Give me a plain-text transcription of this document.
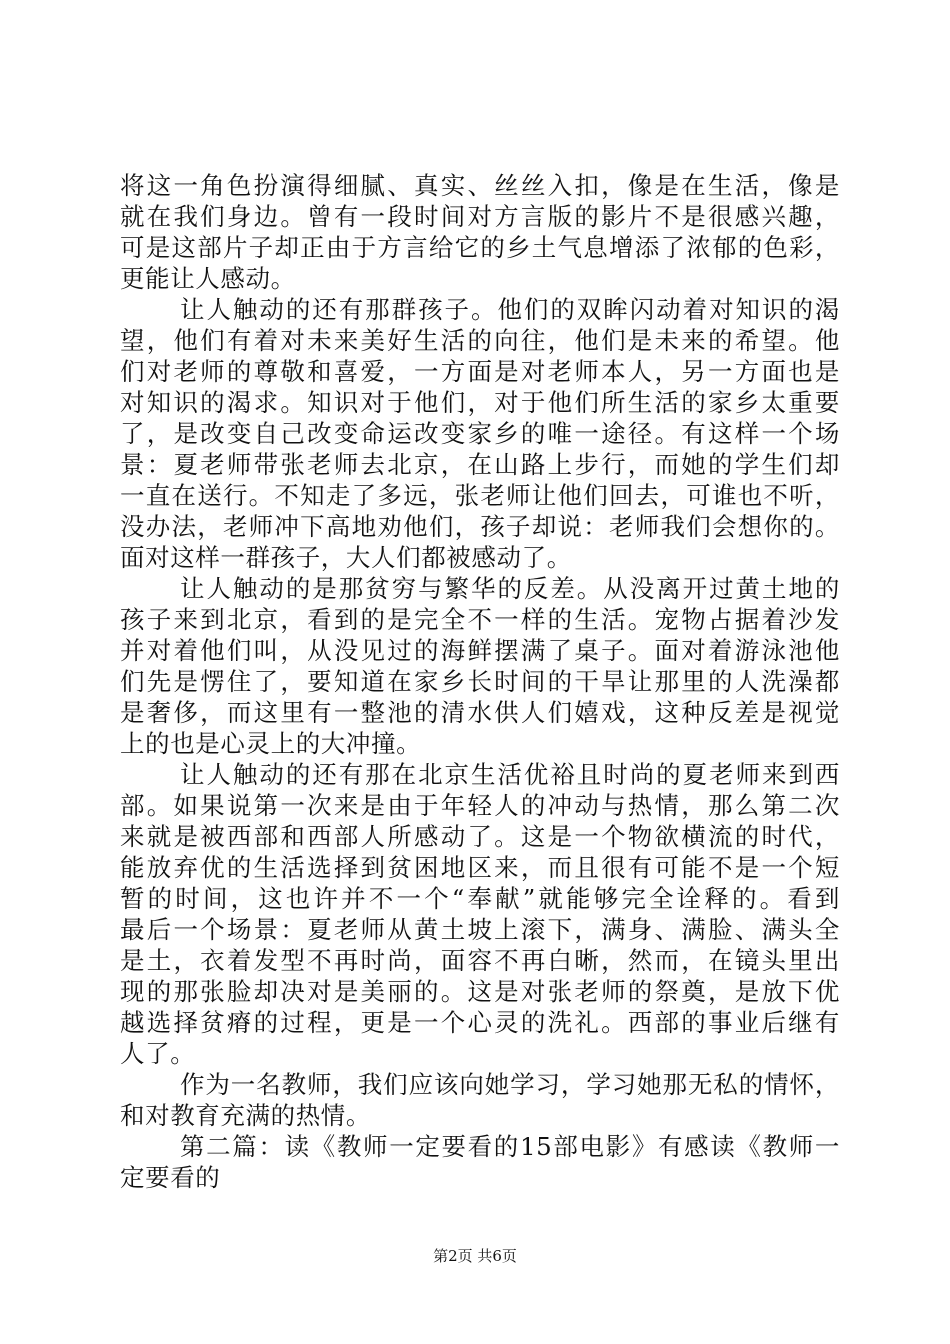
将这一角色扮演得细腻、真实、丝丝入扣，像是在生活，像是
就在我们身边。曾有一段时间对方言版的影片不是很感兴趣，
可是这部片子却正由于方言给它的乡土气息增添了浓郁的色彩，
更能让人感动。
让人触动的还有那群孩子。他们的双眸闪动着对知识的渴
望，他们有着对未来美好生活的向往，他们是未来的希望。他
们对老师的尊敬和喜爱，一方面是对老师本人，另一方面也是
对知识的渴求。知识对于他们，对于他们所生活的家乡太重要
了，是改变自己改变命运改变家乡的唯一途径。有这样一个场
景：夏老师带张老师去北京，在山路上步行，而她的学生们却
一直在送行。不知走了多远，张老师让他们回去，可谁也不听，
没办法，老师冲下高地劝他们，孩子却说：老师我们会想你的。
面对这样一群孩子，大人们都被感动了。
让人触动的是那贫穷与繁华的反差。从没离开过黄土地的
孩子来到北京，看到的是完全不一样的生活。宠物占据着沙发
并对着他们叫，从没见过的海鲜摆满了桌子。面对着游泳池他
们先是愣住了，要知道在家乡长时间的干旱让那里的人洗澡都
是奢侈，而这里有一整池的清水供人们嬉戏，这种反差是视觉
上的也是心灵上的大冲撞。
让人触动的还有那在北京生活优裕且时尚的夏老师来到西
部。如果说第一次来是由于年轻人的冲动与热情，那么第二次
来就是被西部和西部人所感动了。这是一个物欲横流的时代，
能放弃优的生活选择到贫困地区来，而且很有可能不是一个短
暂的时间，这也许并不一个“奉献”就能够完全诠释的。看到
最后一个场景：夏老师从黄土坡上滚下，满身、满脸、满头全
是土，衣着发型不再时尚，面容不再白晰，然而，在镜头里出
现的那张脸却决对是美丽的。这是对张老师的祭奠，是放下优
越选择贫瘠的过程，更是一个心灵的洗礼。西部的事业后继有
人了。
作为一名教师，我们应该向她学习，学习她那无私的情怀，
和对教育充满的热情。
第二篇：读《教师一定要看的15部电影》有感读《教师一
定要看的
第2页 共6页
